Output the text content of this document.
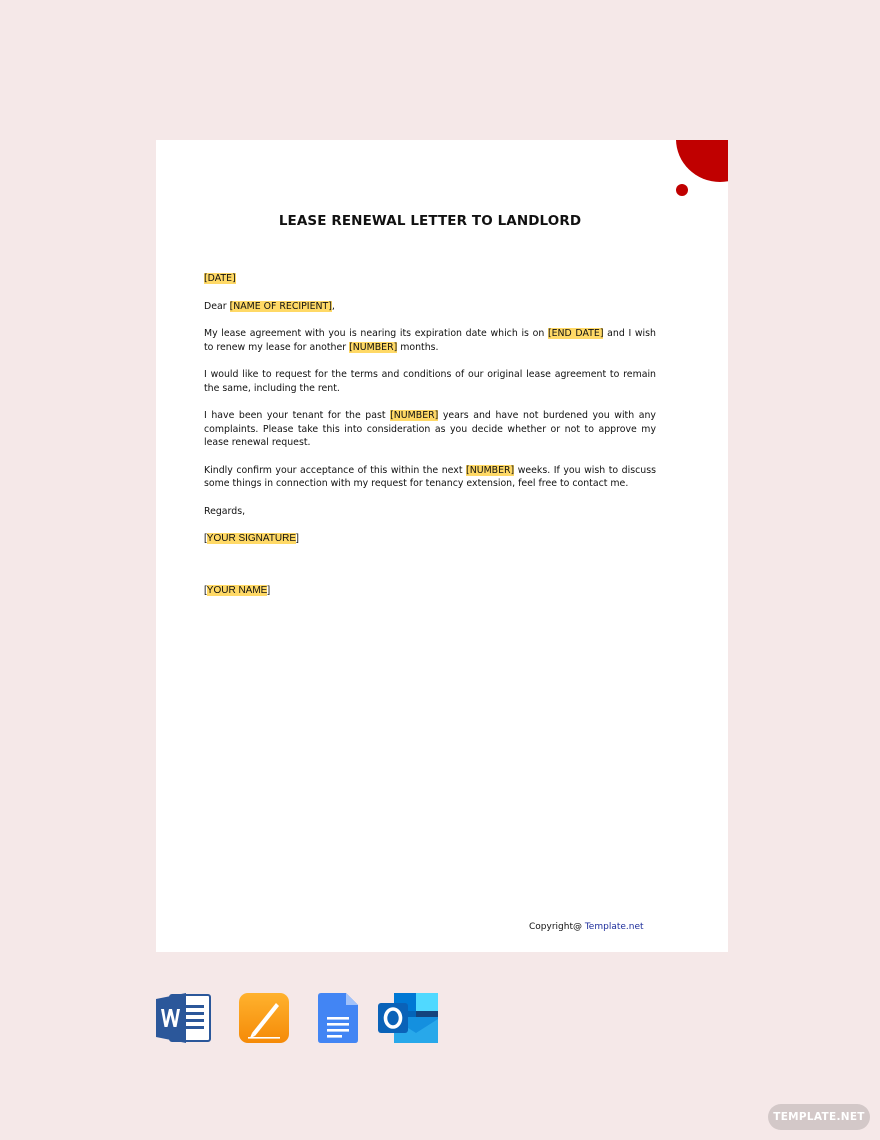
LEASE RENEWAL LETTER TO LANDLORD

[DATE]

Dear [NAME OF RECIPIENT],

My lease agreement with you is nearing its expiration date which is on [END DATE] and I wish to renew my lease for another [NUMBER] months.

I would like to request for the terms and conditions of our original lease agreement to remain the same, including the rent.

I have been your tenant for the past [NUMBER] years and have not burdened you with any complaints. Please take this into consideration as you decide whether or not to approve my lease renewal request.

Kindly confirm your acceptance of this within the next [NUMBER] weeks. If you wish to discuss some things in connection with my request for tenancy extension, feel free to contact me.

Regards,

[YOUR SIGNATURE]

[YOUR NAME]

Copyright@ Template.net
TEMPLATE.NET
